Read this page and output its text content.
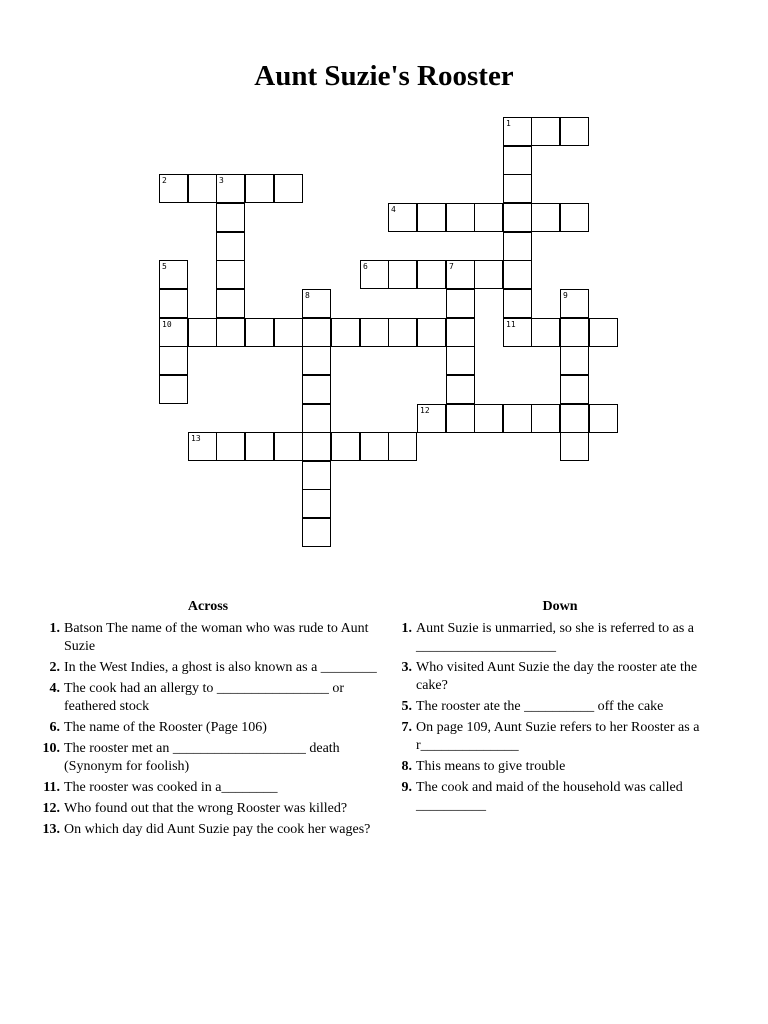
Aunt Suzie's Rooster
1
2	3
4
5	6	7
8	9
10	11
12
13
Across
1. Batson The name of the woman who was rude to Aunt Suzie
2. In the West Indies, a ghost is also known as a ________
4. The cook had an allergy to ________________ or feathered stock
6. The name of the Rooster (Page 106)
10. The rooster met an ___________________ death (Synonym for foolish)
11. The rooster was cooked in a________
12. Who found out that the wrong Rooster was killed?
13. On which day did Aunt Suzie pay the cook her wages?
Down
1. Aunt Suzie is unmarried, so she is referred to as a ____________________
3. Who visited Aunt Suzie the day the rooster ate the cake?
5. The rooster ate the __________ off the cake
7. On page 109, Aunt Suzie refers to her Rooster as a r______________
8. This means to give trouble
9. The cook and maid of the household was called __________
